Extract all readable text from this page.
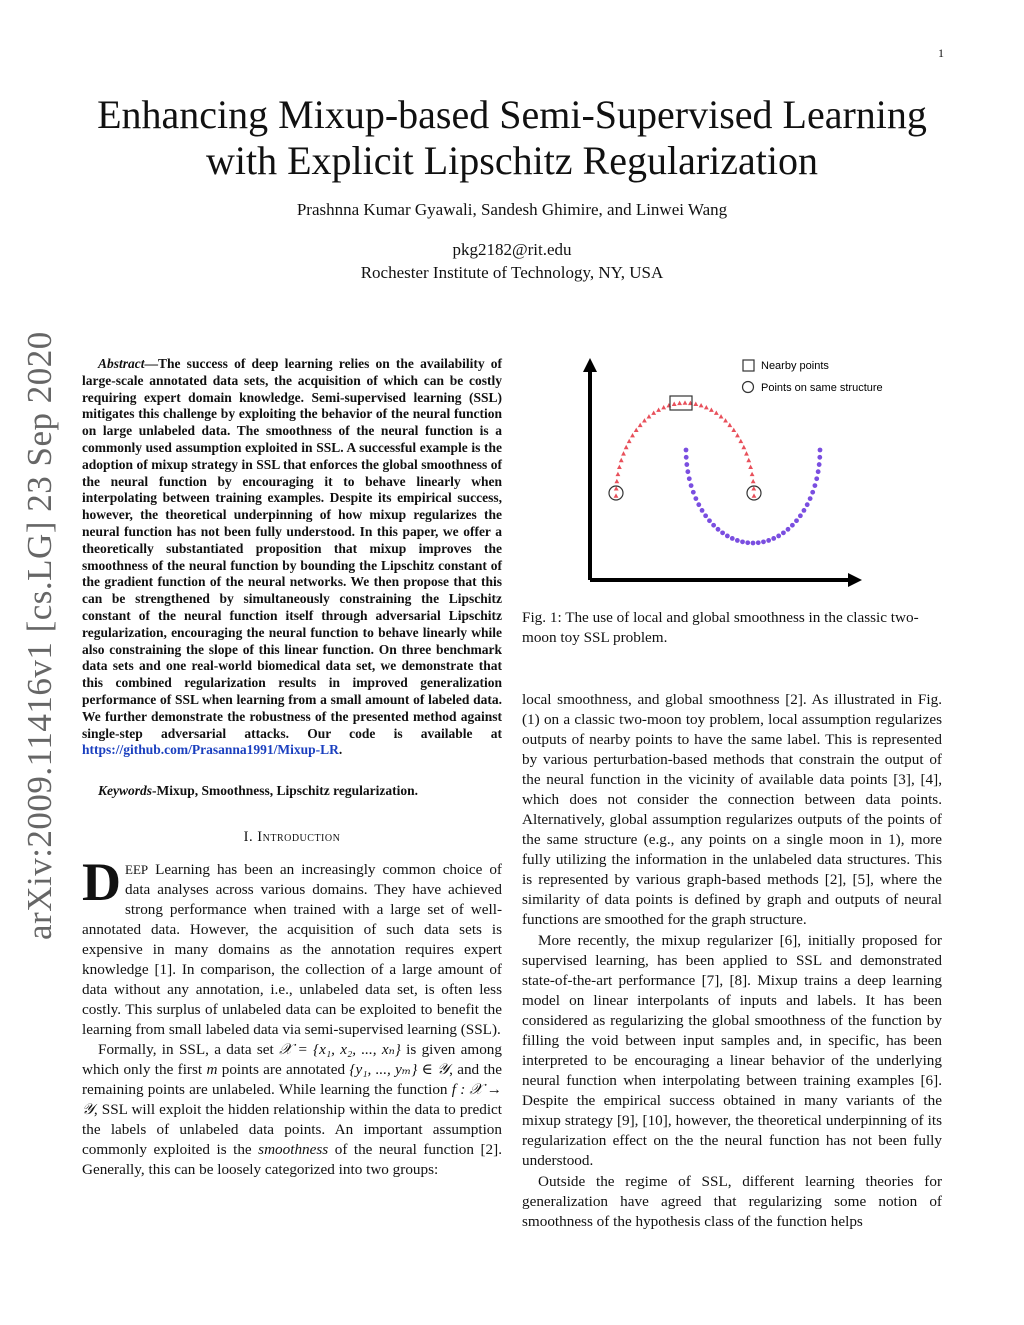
1
arXiv:2009.11416v1 [cs.LG] 23 Sep 2020
Enhancing Mixup-based Semi-Supervised Learning
with Explicit Lipschitz Regularization
Prashnna Kumar Gyawali, Sandesh Ghimire, and Linwei Wang
pkg2182@rit.edu
Rochester Institute of Technology, NY, USA

Abstract—The success of deep learning relies on the availability of large-scale annotated data sets, the acquisition of which can be costly requiring expert domain knowledge. Semi-supervised learning (SSL) mitigates this challenge by exploiting the behavior of the neural function on large unlabeled data. The smoothness of the neural function is a commonly used assumption exploited in SSL. A successful example is the adoption of mixup strategy in SSL that enforces the global smoothness of the neural function by encouraging it to behave linearly when interpolating between training examples. Despite its empirical success, however, the theoretical underpinning of how mixup regularizes the neural function has not been fully understood. In this paper, we offer a theoretically substantiated proposition that mixup improves the smoothness of the neural function by bounding the Lipschitz constant of the gradient function of the neural networks. We then propose that this can be strengthened by simultaneously constraining the Lipschitz constant of the neural function itself through adversarial Lipschitz regularization, encouraging the neural function to behave linearly while also constraining the slope of this linear function. On three benchmark data sets and one real-world biomedical data set, we demonstrate that this combined regularization results in improved generalization performance of SSL when learning from a small amount of labeled data. We further demonstrate the robustness of the presented method against single-step adversarial attacks. Our code is available at https://github.com/Prasanna1991/Mixup-LR.

Keywords-Mixup, Smoothness, Lipschitz regularization.

I. Introduction

DEEP Learning has been an increasingly common choice of data analyses across various domains. They have achieved strong performance when trained with a large set of well-annotated data. However, the acquisition of such data sets is expensive in many domains as the annotation requires expert knowledge [1]. In comparison, the collection of a large amount of data without any annotation, i.e., unlabeled data set, is often less costly. This surplus of unlabeled data can be exploited to benefit the learning from small labeled data via semi-supervised learning (SSL).

Formally, in SSL, a data set 𝒳 = {x₁, x₂, ..., xₙ} is given among which only the first m points are annotated {y₁, ..., yₘ} ∈ 𝒴, and the remaining points are unlabeled. While learning the function f : 𝒳 → 𝒴, SSL will exploit the hidden relationship within the data to predict the labels of unlabeled data points. An important assumption commonly exploited is the smoothness of the neural function [2]. Generally, this can be loosely categorized into two groups:

Nearby points
Points on same structure

Fig. 1: The use of local and global smoothness in the classic two-moon toy SSL problem.

local smoothness, and global smoothness [2]. As illustrated in Fig. (1) on a classic two-moon toy problem, local assumption regularizes outputs of nearby points to have the same label. This is represented by various perturbation-based methods that constrain the output of the neural function in the vicinity of available data points [3], [4], which does not consider the connection between data points. Alternatively, global assumption regularizes outputs of the points of the same structure (e.g., any points on a single moon in 1), more fully utilizing the information in the unlabeled data structures. This is represented by various graph-based methods [2], [5], where the similarity of data points is defined by graph and outputs of neural functions are smoothed for the graph structure.

More recently, the mixup regularizer [6], initially proposed for supervised learning, has been applied to SSL and demonstrated state-of-the-art performance [7], [8]. Mixup trains a deep learning model on linear interpolants of inputs and labels. It has been considered as regularizing the global smoothness of the function by filling the void between input samples and, in specific, has been interpreted to be encouraging a linear behavior of the underlying neural function when interpolating between training examples [6]. Despite the empirical success obtained in many variants of the mixup strategy [9], [10], however, the theoretical underpinning of its regularization effect on the the neural function has not been fully understood.

Outside the regime of SSL, different learning theories for generalization have agreed that regularizing some notion of smoothness of the hypothesis class of the function helps
